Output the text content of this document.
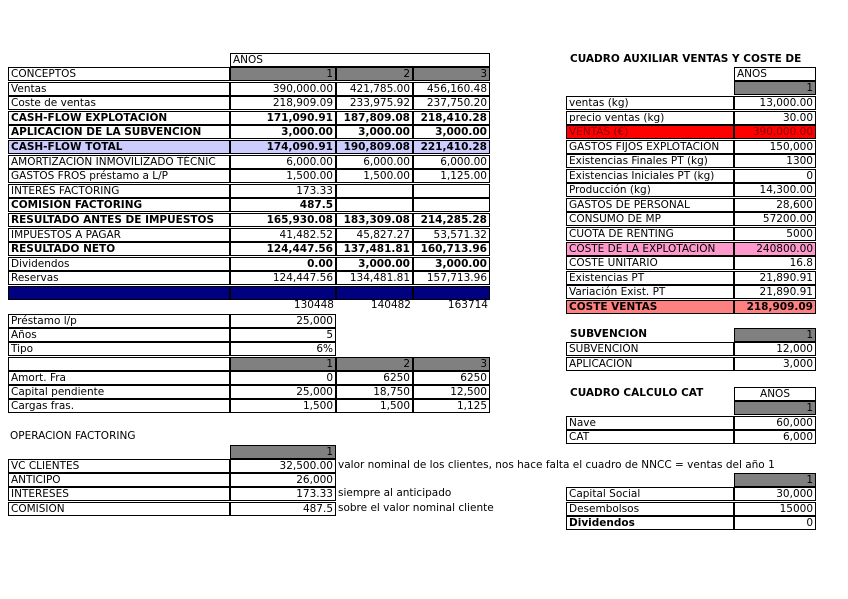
AÑOS
CONCEPTOS	1	2	3
Ventas	390,000.00	421,785.00	456,160.48
Coste de ventas	218,909.09	233,975.92	237,750.20
CASH-FLOW EXPLOTACIÓN	171,090.91	187,809.08	218,410.28
APLICACIÓN DE LA SUBVENCIÓN	3,000.00	3,000.00	3,000.00
CASH-FLOW TOTAL	174,090.91	190,809.08	221,410.28
AMORTIZACIÓN INMOVILIZADO TÉCNIC	6,000.00	6,000.00	6,000.00
GASTOS FROS préstamo a L/P	1,500.00	1,500.00	1,125.00
INTERÉS FACTORING	173.33
COMISIÓN FACTORING	487.5
RESULTADO ANTES DE IMPUESTOS	165,930.08	183,309.08	214,285.28
IMPUESTOS A PAGAR	41,482.52	45,827.27	53,571.32
RESULTADO NETO	124,447.56	137,481.81	160,713.96
Dividendos	0.00	3,000.00	3,000.00
Reservas	124,447.56	134,481.81	157,713.96
AUTOFINANCIACIÓN
130448	140482	163714
Préstamo l/p	25,000
Años	5
Tipo	6%
1	2	3
Amort. Fra	0	6250	6250
Capital pendiente	25,000	18,750	12,500
Cargas fras.	1,500	1,500	1,125
OPERACIÓN FACTORING
1
VC CLIENTES	32,500.00 valor nominal de los clientes, nos hace falta el cuadro de NNCC = ventas del año 1
ANTICIPO	26,000
INTERESES	173.33 siempre al anticipado
COMISIÓN	487.5 sobre el valor nominal cliente
CUADRO AUXILIAR VENTAS Y COSTE DE
AÑOS
1
ventas (kg)	13,000.00
precio ventas (kg)	30.00
VENTAS (€)	390,000.00
GASTOS FIJOS EXPLOTACIÓN	150,000
Existencias Finales PT (kg)	1300
Existencias Iniciales PT (kg)	0
Producción (kg)	14,300.00
GASTOS DE PERSONAL	28,600
CONSUMO DE MP	57200.00
CUOTA DE RENTING	5000
COSTE DE LA EXPLOTACIÓN	240800.00
COSTE UNITARIO	16.8
Existencias PT	21,890.91
Variación Exist. PT	21,890.91
COSTE VENTAS	218,909.09
SUBVENCIÓN	1
SUBVENCIÓN	12,000
APLICACIÓN	3,000
CUADRO CÁLCULO CAT	AÑOS
1
Nave	60,000
CAT	6,000
1
Capital Social	30,000
Desembolsos	15000
Dividendos	0
